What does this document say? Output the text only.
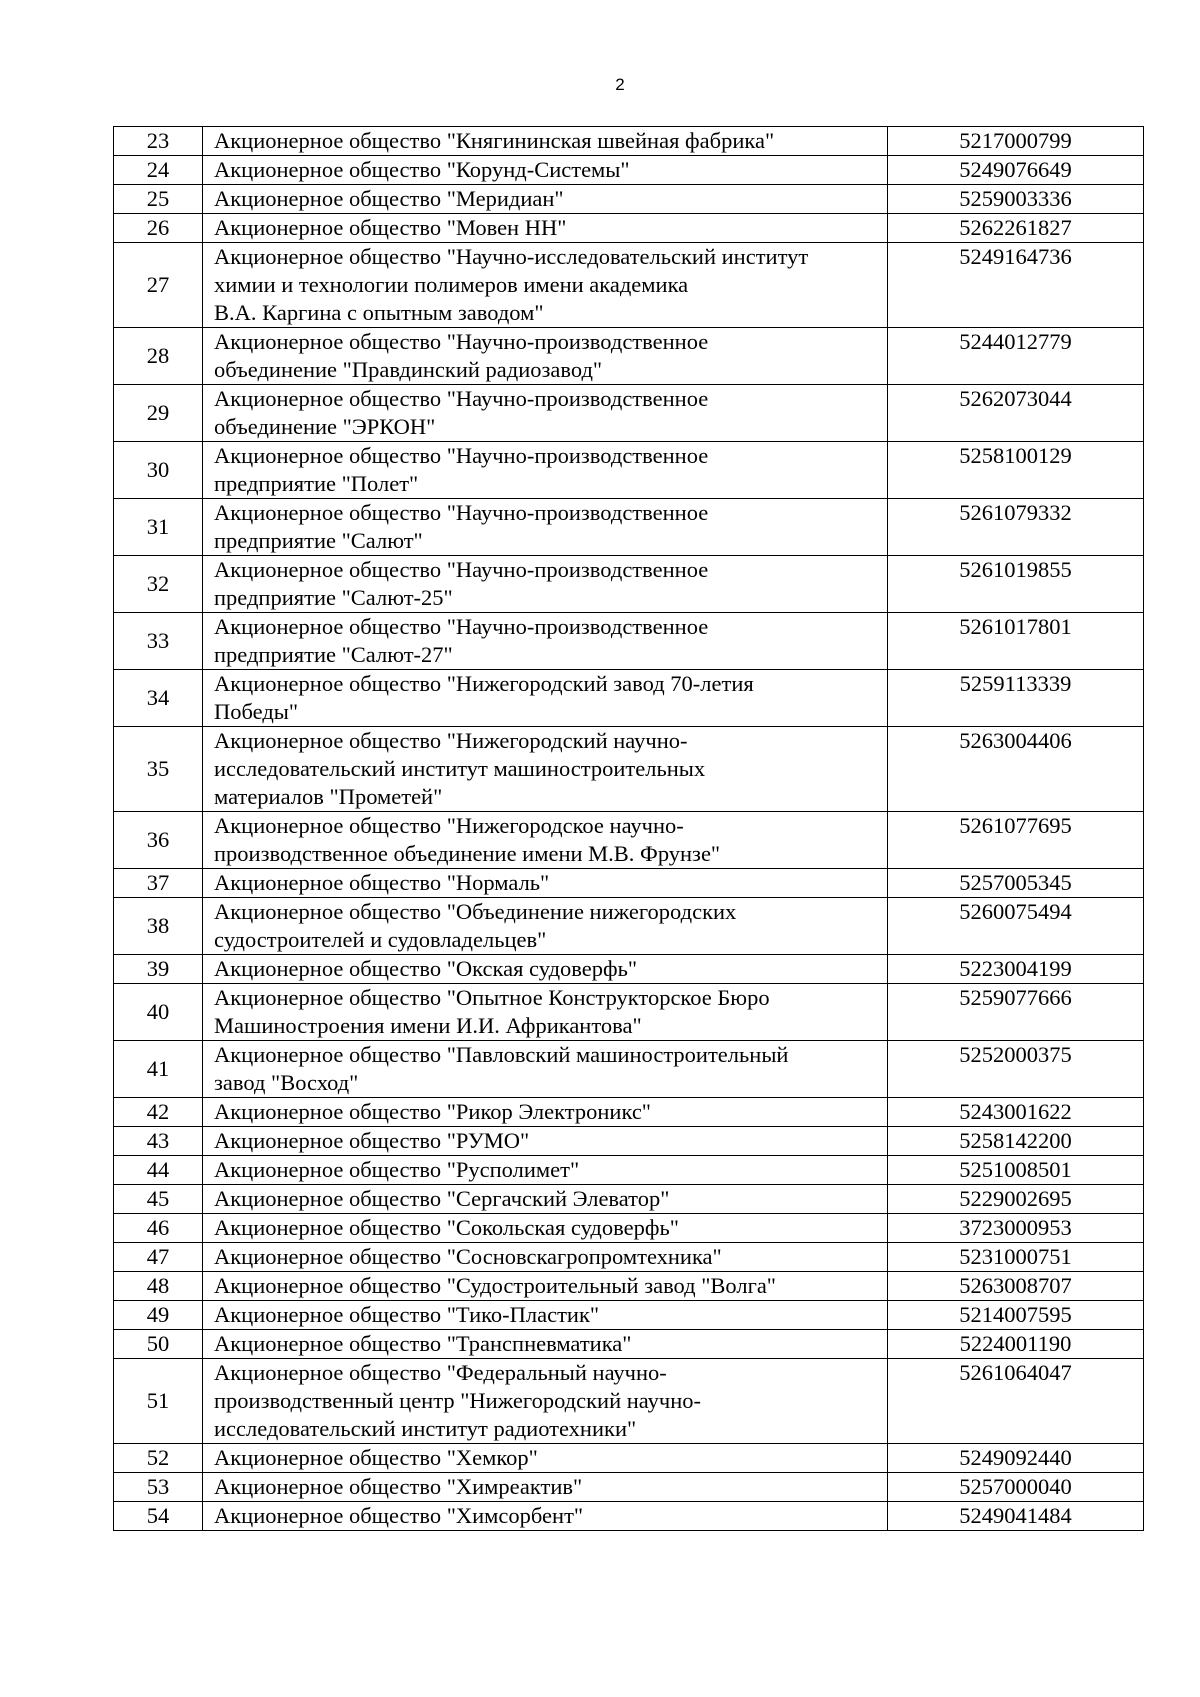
2
23	Акционерное общество "Княгининская швейная фабрика"	5217000799
24	Акционерное общество "Корунд-Системы"	5249076649
25	Акционерное общество "Меридиан"	5259003336
26	Акционерное общество "Мовен НН"	5262261827
27	Акционерное общество "Научно-исследовательский институт
химии и технологии полимеров имени академика
В.А. Каргина с опытным заводом"	5249164736
28	Акционерное общество "Научно-производственное
объединение "Правдинский радиозавод"	5244012779
29	Акционерное общество "Научно-производственное
объединение "ЭРКОН"	5262073044
30	Акционерное общество "Научно-производственное
предприятие "Полет"	5258100129
31	Акционерное общество "Научно-производственное
предприятие "Салют"	5261079332
32	Акционерное общество "Научно-производственное
предприятие "Салют-25"	5261019855
33	Акционерное общество "Научно-производственное
предприятие "Салют-27"	5261017801
34	Акционерное общество "Нижегородский завод 70-летия
Победы"	5259113339
35	Акционерное общество "Нижегородский научно-
исследовательский институт машиностроительных
материалов "Прометей"	5263004406
36	Акционерное общество "Нижегородское научно-
производственное объединение имени М.В. Фрунзе"	5261077695
37	Акционерное общество "Нормаль"	5257005345
38	Акционерное общество "Объединение нижегородских
судостроителей и судовладельцев"	5260075494
39	Акционерное общество "Окская судоверфь"	5223004199
40	Акционерное общество "Опытное Конструкторское Бюро
Машиностроения имени И.И. Африкантова"	5259077666
41	Акционерное общество "Павловский машиностроительный
завод "Восход"	5252000375
42	Акционерное общество "Рикор Электроникс"	5243001622
43	Акционерное общество "РУМО"	5258142200
44	Акционерное общество "Русполимет"	5251008501
45	Акционерное общество "Сергачский Элеватор"	5229002695
46	Акционерное общество "Сокольская судоверфь"	3723000953
47	Акционерное общество "Сосновскагропромтехника"	5231000751
48	Акционерное общество "Судостроительный завод "Волга"	5263008707
49	Акционерное общество "Тико-Пластик"	5214007595
50	Акционерное общество "Транспневматика"	5224001190
51	Акционерное общество "Федеральный научно-
производственный центр "Нижегородский научно-
исследовательский институт радиотехники"	5261064047
52	Акционерное общество "Хемкор"	5249092440
53	Акционерное общество "Химреактив"	5257000040
54	Акционерное общество "Химсорбент"	5249041484
